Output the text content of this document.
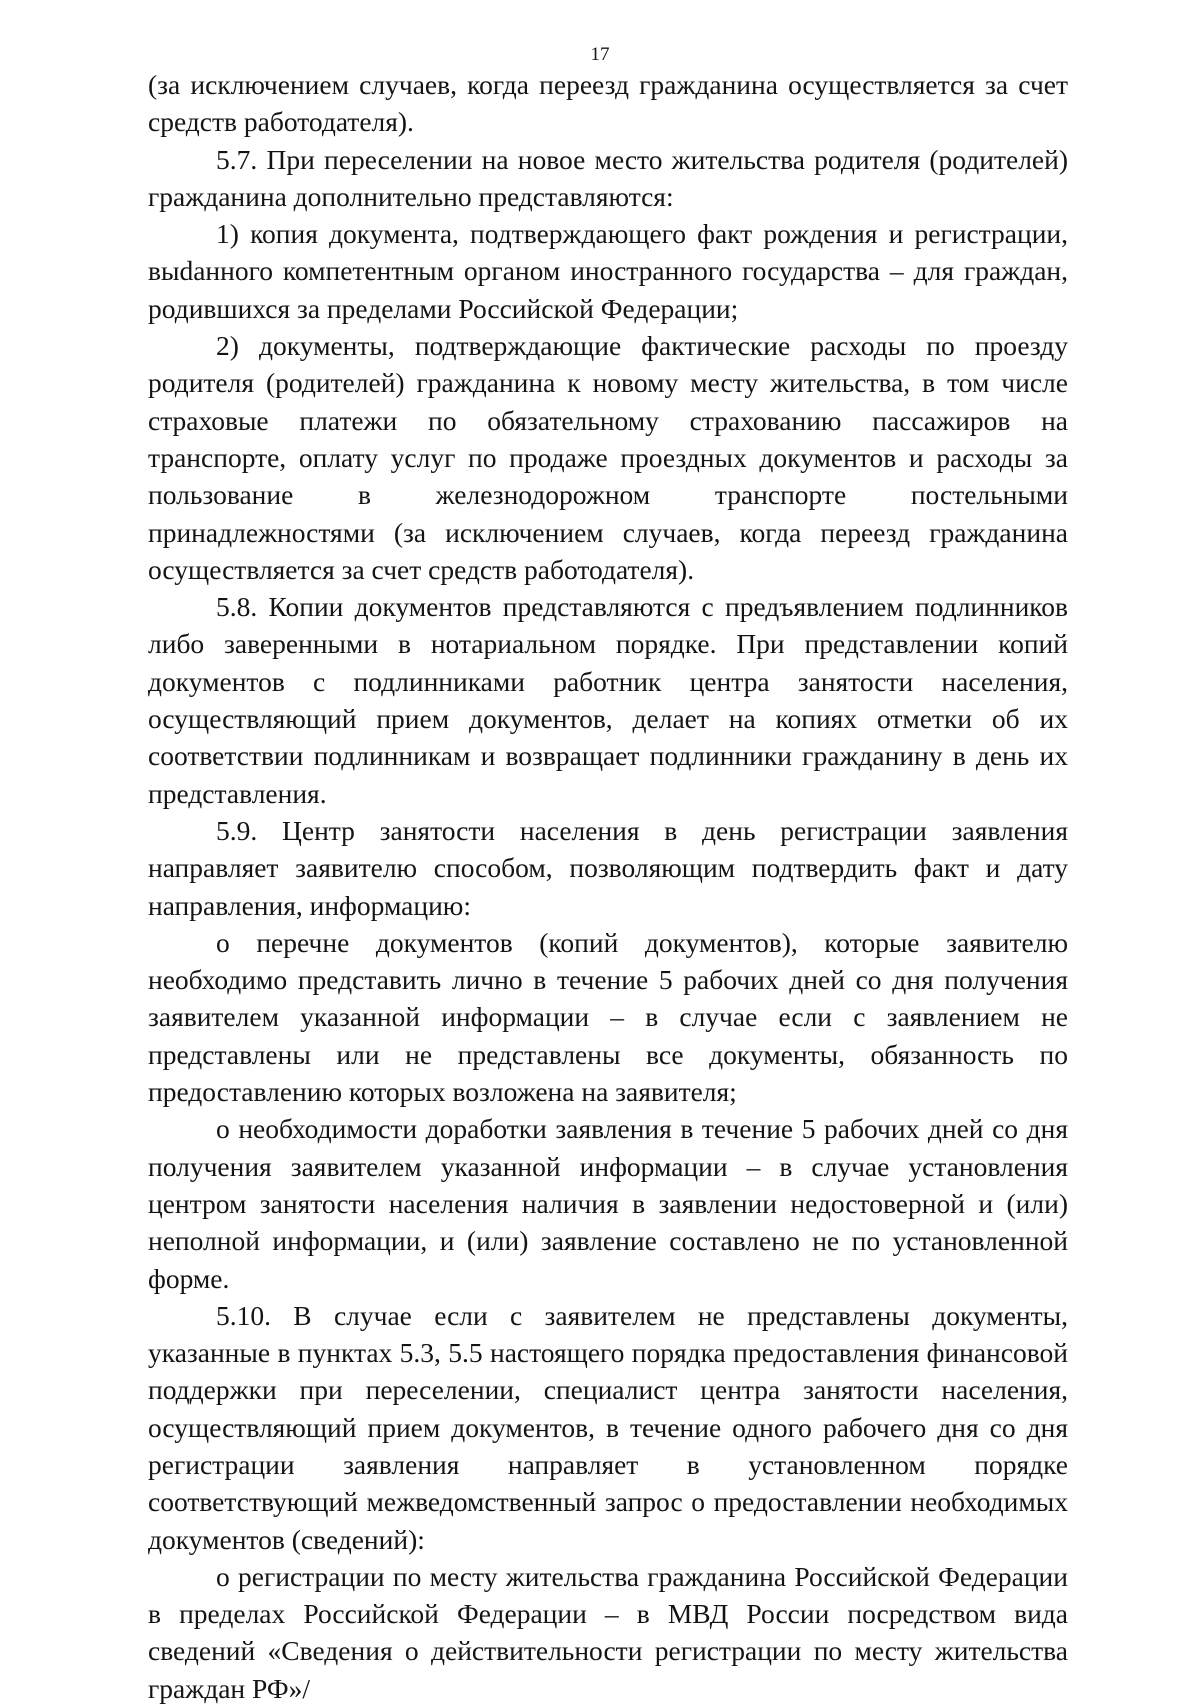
17

(за исключением случаев, когда переезд гражданина осуществляется за счет средств работодателя).

5.7. При переселении на новое место жительства родителя (родителей) гражданина дополнительно представляются:

1) копия документа, подтверждающего факт рождения и регистрации, выdанного компетентным органом иностранного государства – для граждан, родившихся за пределами Российской Федерации;

2) документы, подтверждающие фактические расходы по проезду родителя (родителей) гражданина к новому месту жительства, в том числе страховые платежи по обязательному страхованию пассажиров на транспорте, оплату услуг по продаже проездных документов и расходы за пользование в железнодорожном транспорте постельными принадлежностями (за исключением случаев, когда переезд гражданина осуществляется за счет средств работодателя).

5.8. Копии документов представляются с предъявлением подлинников либо заверенными в нотариальном порядке. При представлении копий документов с подлинниками работник центра занятости населения, осуществляющий прием документов, делает на копиях отметки об их соответствии подлинникам и возвращает подлинники гражданину в день их представления.

5.9. Центр занятости населения в день регистрации заявления направляет заявителю способом, позволяющим подтвердить факт и дату направления, информацию:

о перечне документов (копий документов), которые заявителю необходимо представить лично в течение 5 рабочих дней со дня получения заявителем указанной информации – в случае если с заявлением не представлены или не представлены все документы, обязанность по предоставлению которых возложена на заявителя;

о необходимости доработки заявления в течение 5 рабочих дней со дня получения заявителем указанной информации – в случае установления центром занятости населения наличия в заявлении недостоверной и (или) неполной информации, и (или) заявление составлено не по установленной форме.

5.10. В случае если с заявителем не представлены документы, указанные в пунктах 5.3, 5.5 настоящего порядка предоставления финансовой поддержки при переселении, специалист центра занятости населения, осуществляющий прием документов, в течение одного рабочего дня со дня регистрации заявления направляет в установленном порядке соответствующий межведомственный запрос о предоставлении необходимых документов (сведений):

о регистрации по месту жительства гражданина Российской Федерации в пределах Российской Федерации – в МВД России посредством вида сведений «Сведения о действительности регистрации по месту жительства граждан РФ»/
